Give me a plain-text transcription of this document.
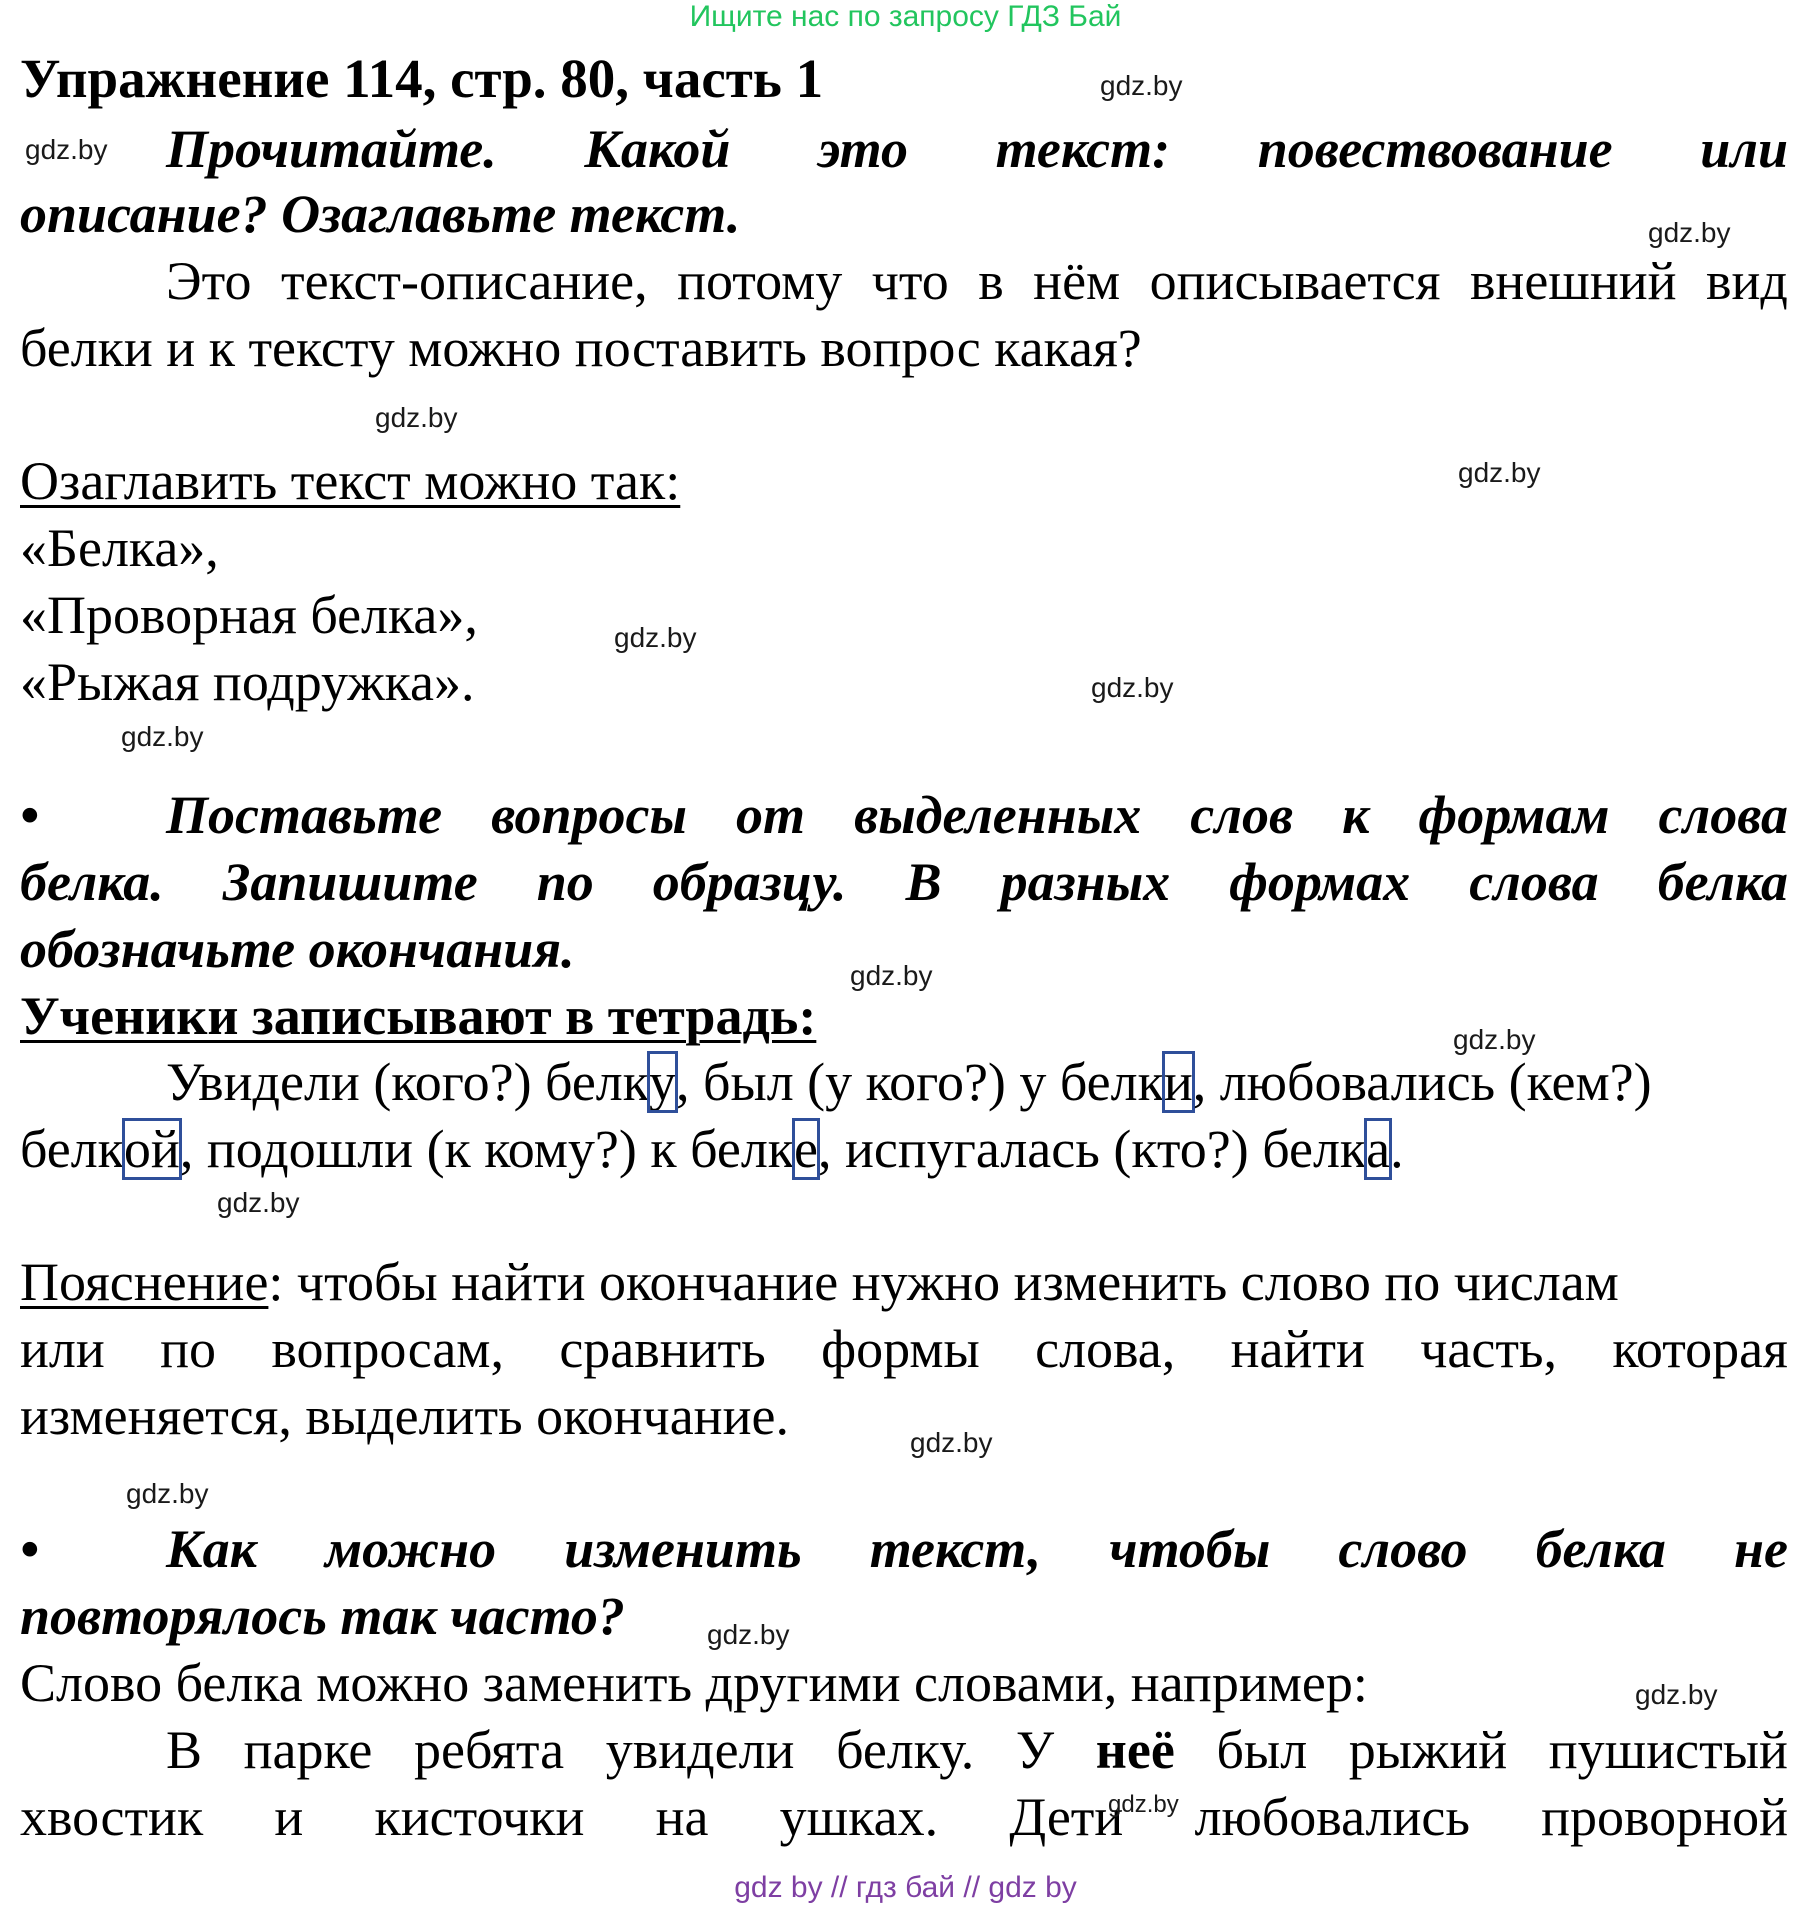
Ищите нас по запросу ГДЗ Бай
Упражнение 114, стр. 80, часть 1
Прочитайте. Какой это текст: повествование или
описание? Озаглавьте текст.
Это текст-описание, потому что в нём описывается внешний вид
белки и к тексту можно поставить вопрос какая?
Озаглавить текст можно так:
«Белка»,
«Проворная белка»,
«Рыжая подружка».
•	Поставьте вопросы от выделенных слов к формам слова
белка. Запишите по образцу. В разных формах слова белка
обозначьте окончания.
Ученики записывают в тетрадь:
Увидели (кого?) белку, был (у кого?) у белки, любовались (кем?)
белкой, подошли (к кому?) к белке, испугалась (кто?) белка.
Пояснение: чтобы найти окончание нужно изменить слово по числам
или по вопросам, сравнить формы слова, найти часть, которая
изменяется, выделить окончание.
•	Как можно изменить текст, чтобы слово белка не
повторялось так часто?
Слово белка можно заменить другими словами, например:
В парке ребята увидели белку. У неё был рыжий пушистый
хвостик и кисточки на ушках. Дети любовались проворной
gdz.by
gdz.by
gdz.by
gdz.by
gdz.by
gdz.by
gdz.by
gdz.by
gdz.by
gdz.by
gdz.by
gdz.by
gdz.by
gdz.by
gdz.by
gdz.by
gdz by // гдз бай // gdz by
